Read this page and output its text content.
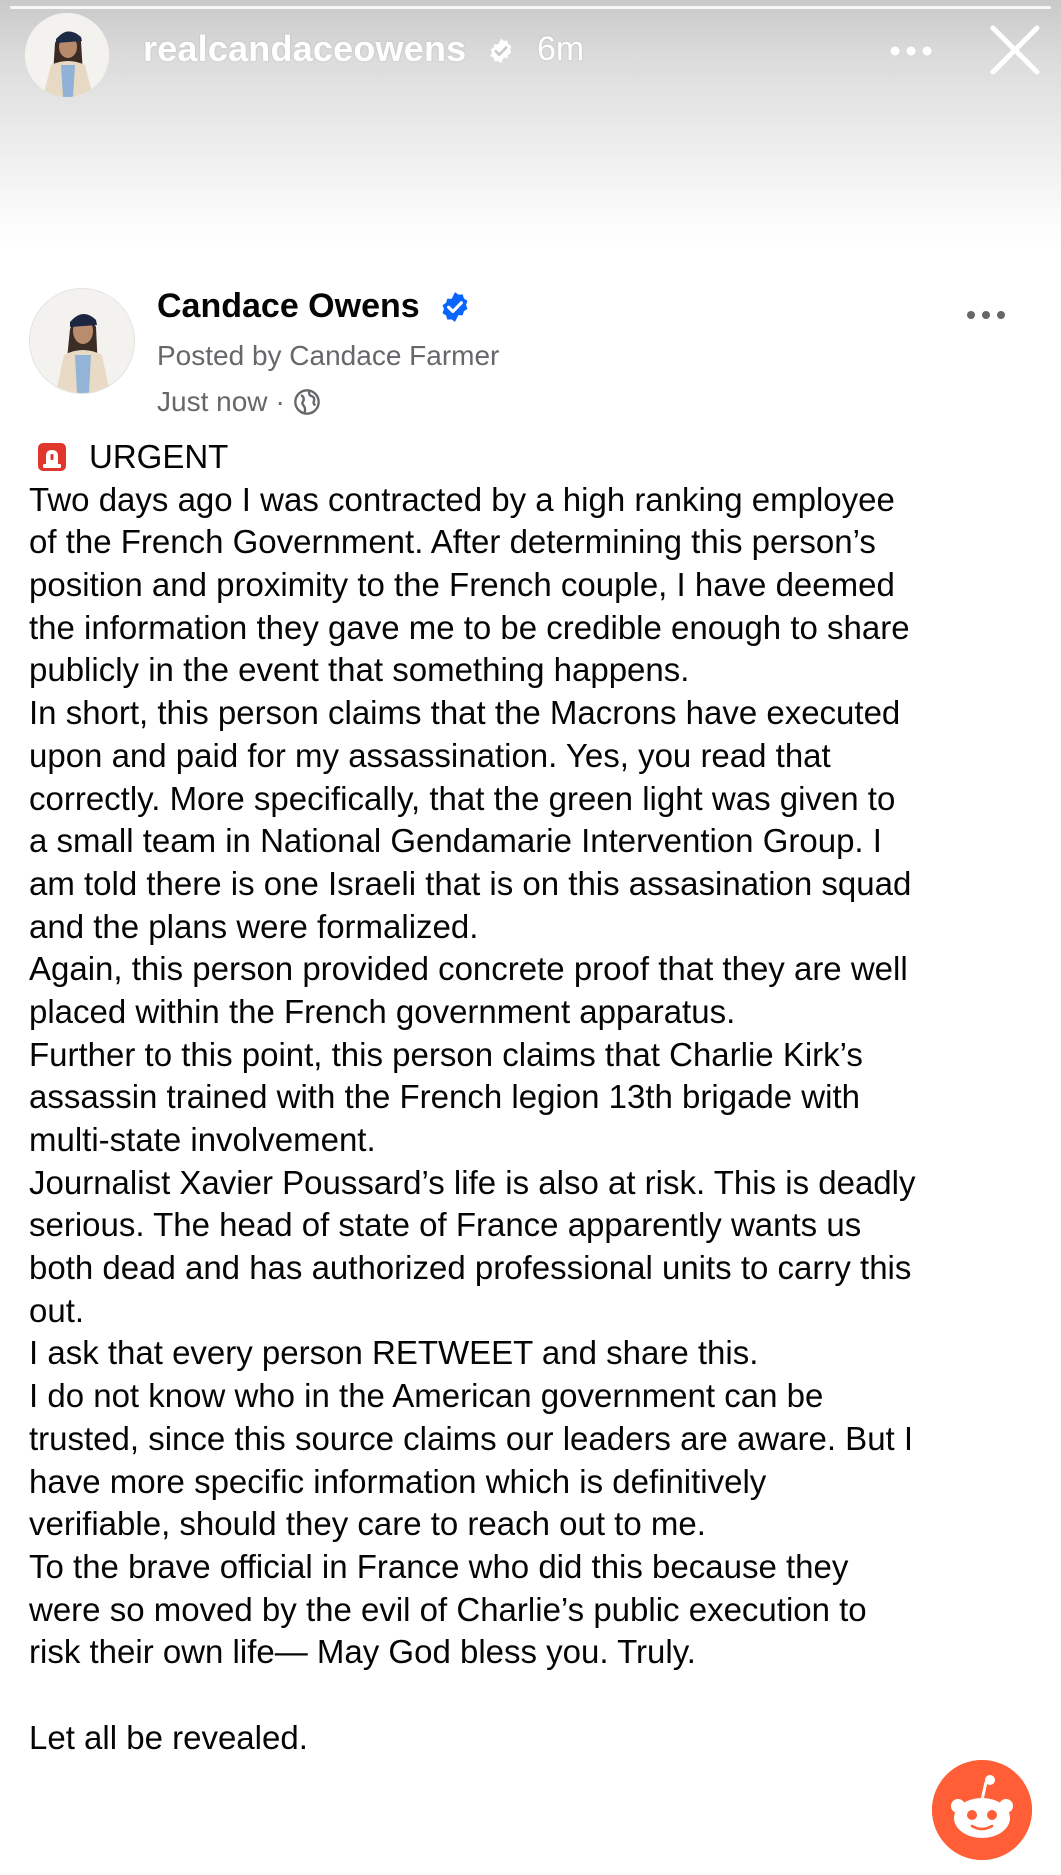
realcandaceowens 6m
Candace Owens
Posted by Candace Farmer
Just now ·
URGENT
Two days ago I was contracted by a high ranking employee
of the French Government. After determining this person’s
position and proximity to the French couple, I have deemed
the information they gave me to be credible enough to share
publicly in the event that something happens.
In short, this person claims that the Macrons have executed
upon and paid for my assassination. Yes, you read that
correctly. More specifically, that the green light was given to
a small team in National Gendamarie Intervention Group. I
am told there is one Israeli that is on this assasination squad
and the plans were formalized.
Again, this person provided concrete proof that they are well
placed within the French government apparatus.
Further to this point, this person claims that Charlie Kirk’s
assassin trained with the French legion 13th brigade with
multi-state involvement.
Journalist Xavier Poussard’s life is also at risk. This is deadly
serious. The head of state of France apparently wants us
both dead and has authorized professional units to carry this
out.
I ask that every person RETWEET and share this.
I do not know who in the American government can be
trusted, since this source claims our leaders are aware. But I
have more specific information which is definitively
verifiable, should they care to reach out to me.
To the brave official in France who did this because they
were so moved by the evil of Charlie’s public execution to
risk their own life— May God bless you. Truly.
Let all be revealed.
